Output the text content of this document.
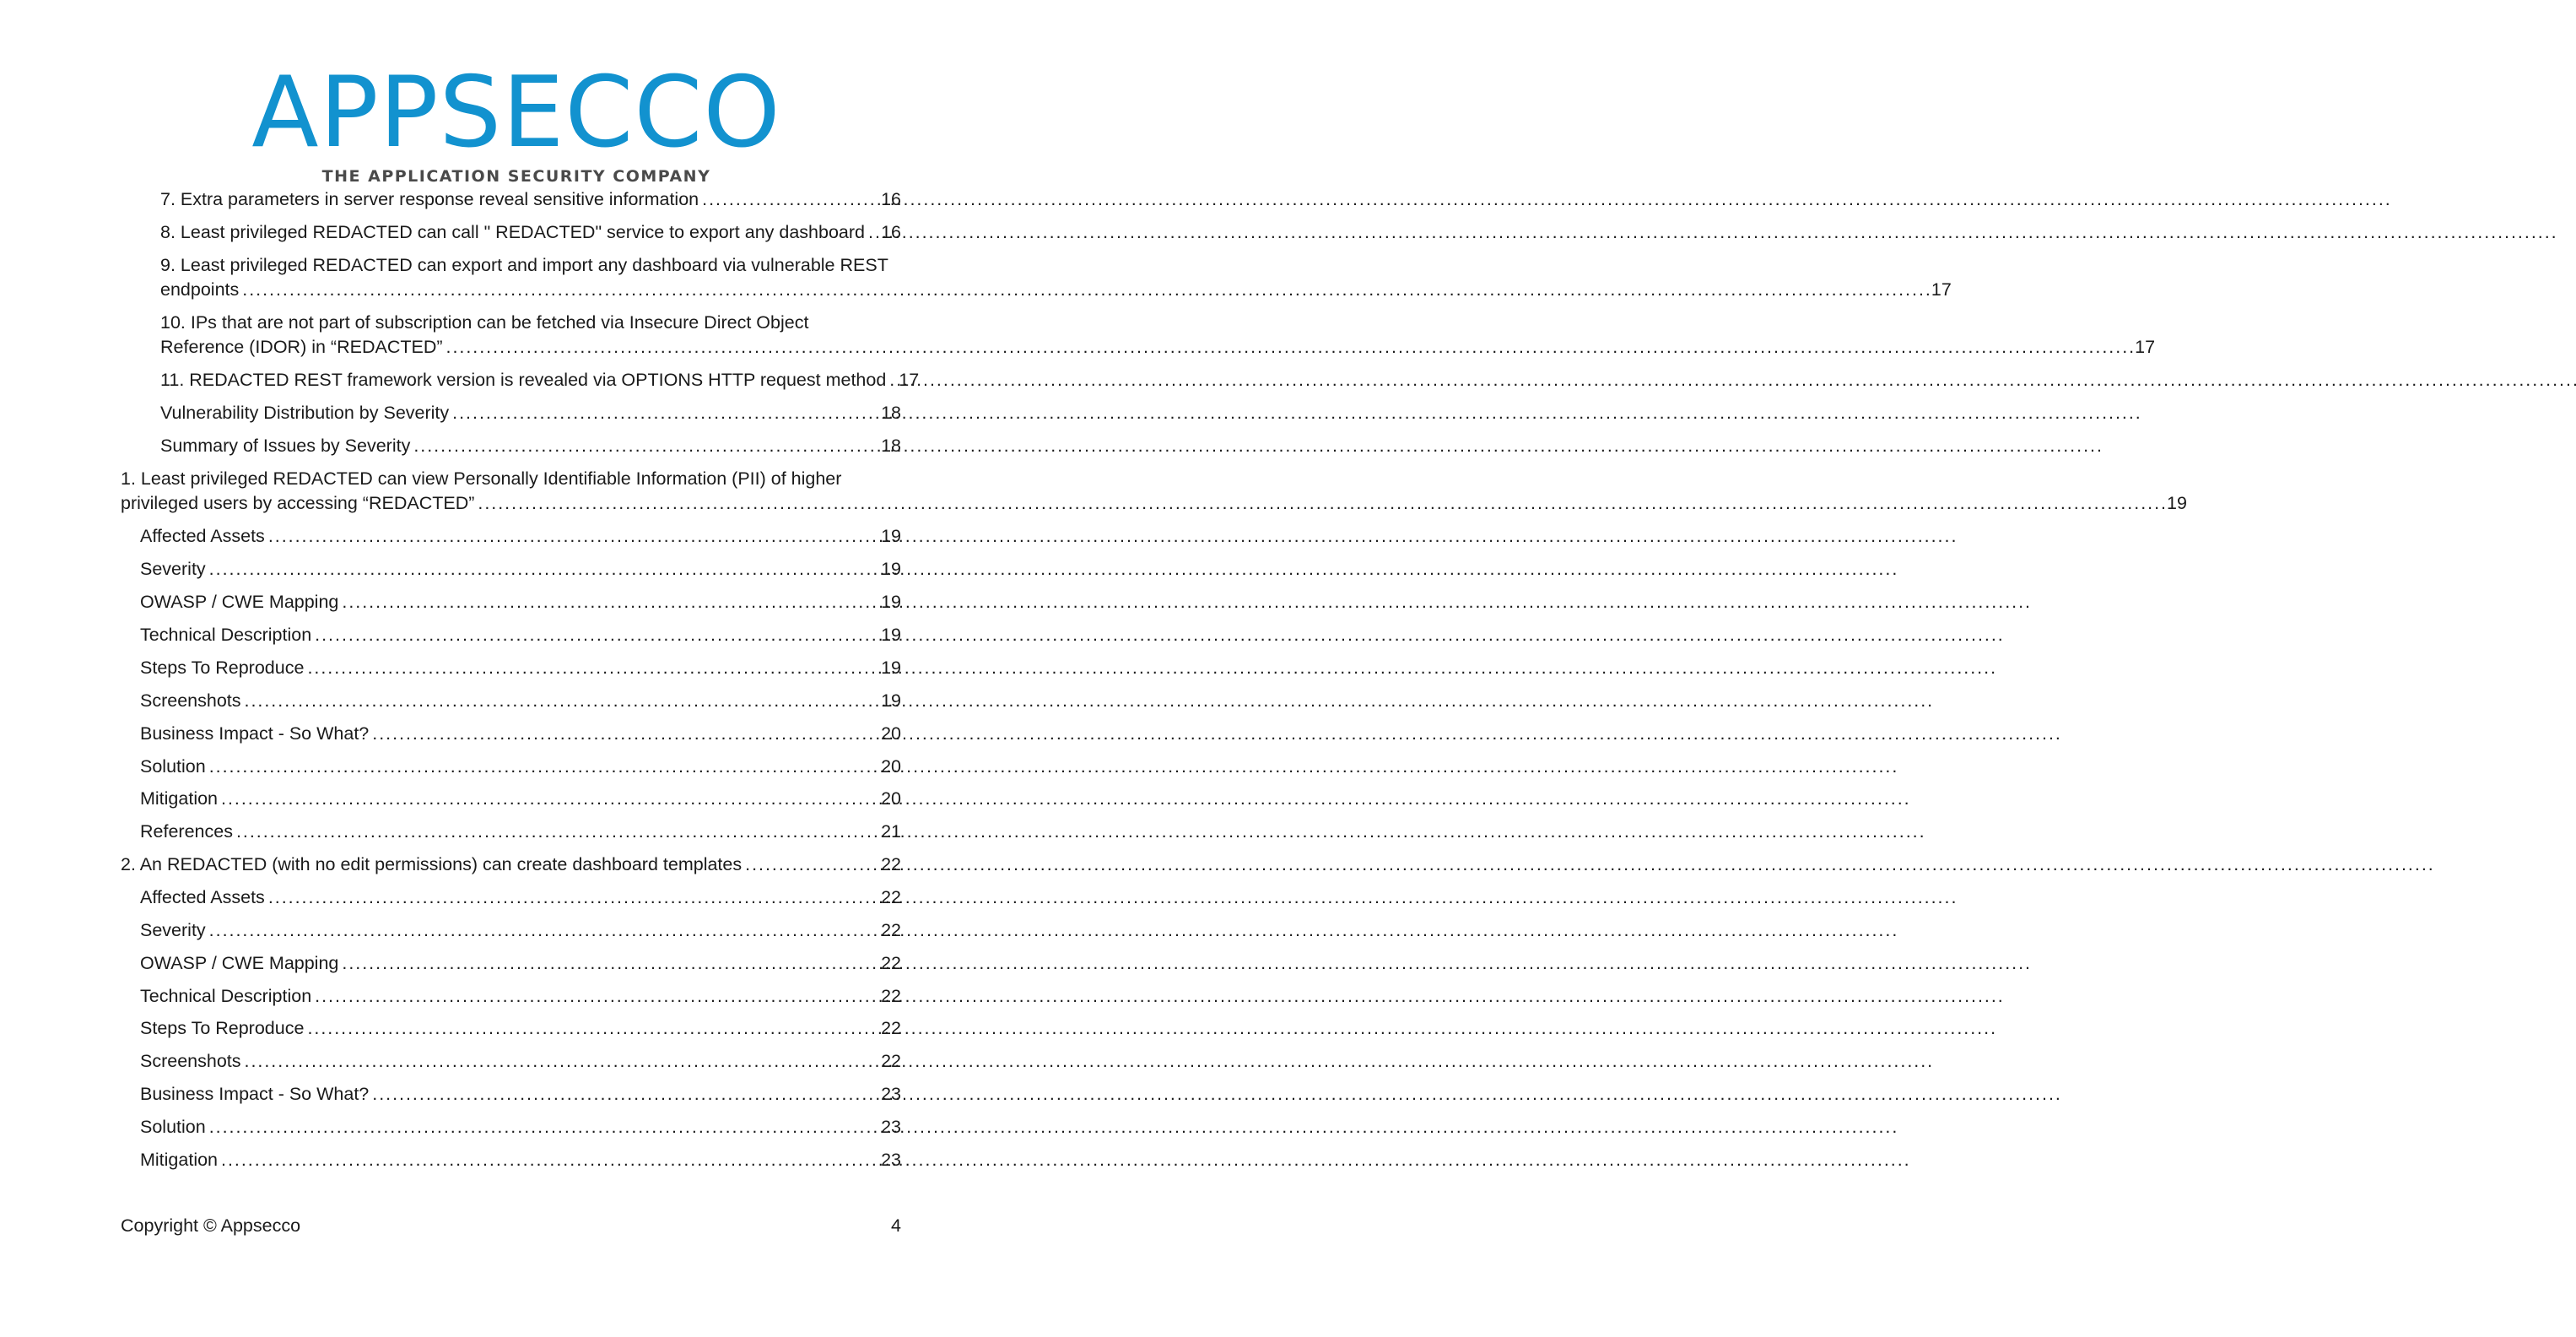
APPSECCO
THE APPLICATION SECURITY COMPANY
7. Extra parameters in server response reveal sensitive information . . .	16
8. Least privileged REDACTED can call " REDACTED" service to export any dashboard . . . 16
9. Least privileged REDACTED can export and import any dashboard via vulnerable REST
endpoints . . .	17
10. IPs that are not part of subscription can be fetched via Insecure Direct Object
Reference (IDOR) in “REDACTED” . . .	17
11. REDACTED REST framework version is revealed via OPTIONS HTTP request method . . . 17
Vulnerability Distribution by Severity . . .	18
Summary of Issues by Severity . . .	18
1. Least privileged REDACTED can view Personally Identifiable Information (PII) of higher
privileged users by accessing “REDACTED” . . .	19
Affected Assets . . .	19
Severity . . .	19
OWASP / CWE Mapping . . .	19
Technical Description . . .	19
Steps To Reproduce . . .	19
Screenshots . . .	19
Business Impact - So What? . . .	20
Solution . . .	20
Mitigation . . .	20
References . . .	21
2. An REDACTED (with no edit permissions) can create dashboard templates . . .	22
Affected Assets . . .	22
Severity . . .	22
OWASP / CWE Mapping . . .	22
Technical Description . . .	22
Steps To Reproduce . . .	22
Screenshots . . .	22
Business Impact - So What? . . .	23
Solution . . .	23
Mitigation . . .	23
Copyright © Appsecco	4
